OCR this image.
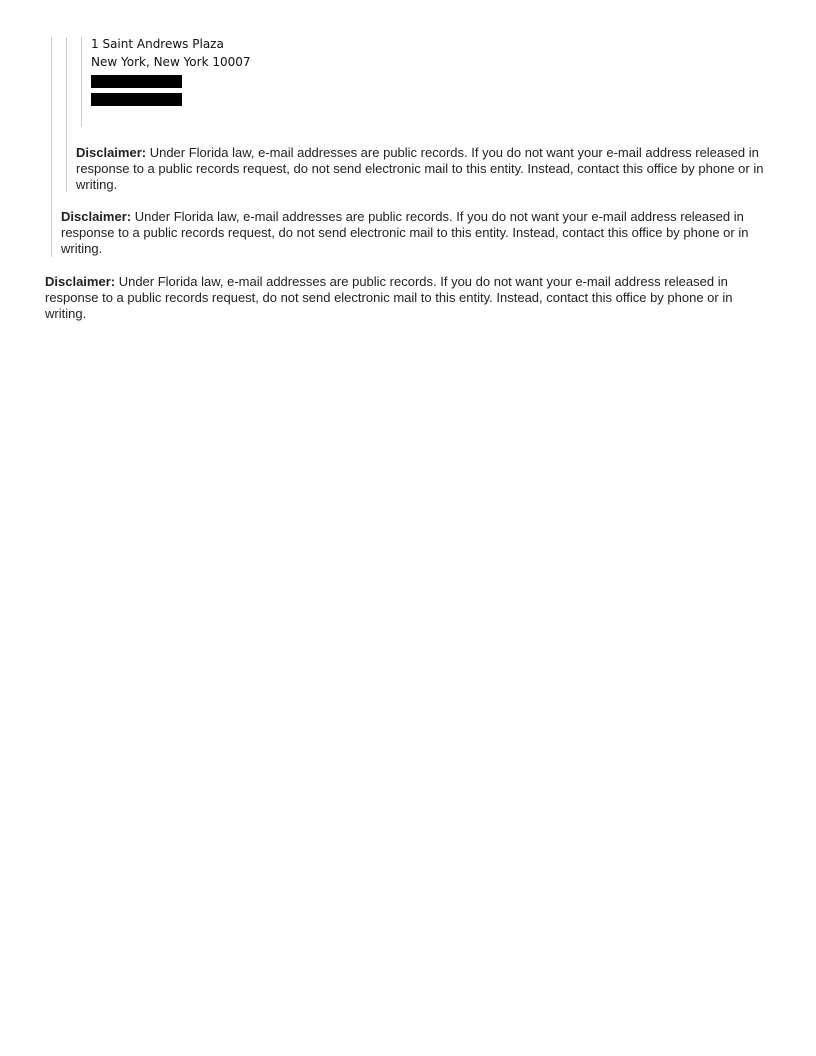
1 Saint Andrews Plaza
New York, New York 10007

Disclaimer: Under Florida law, e-mail addresses are public records. If you do not want your e-mail address released in response to a public records request, do not send electronic mail to this entity. Instead, contact this office by phone or in writing.

Disclaimer: Under Florida law, e-mail addresses are public records. If you do not want your e-mail address released in response to a public records request, do not send electronic mail to this entity. Instead, contact this office by phone or in writing.

Disclaimer: Under Florida law, e-mail addresses are public records. If you do not want your e-mail address released in response to a public records request, do not send electronic mail to this entity. Instead, contact this office by phone or in writing.
